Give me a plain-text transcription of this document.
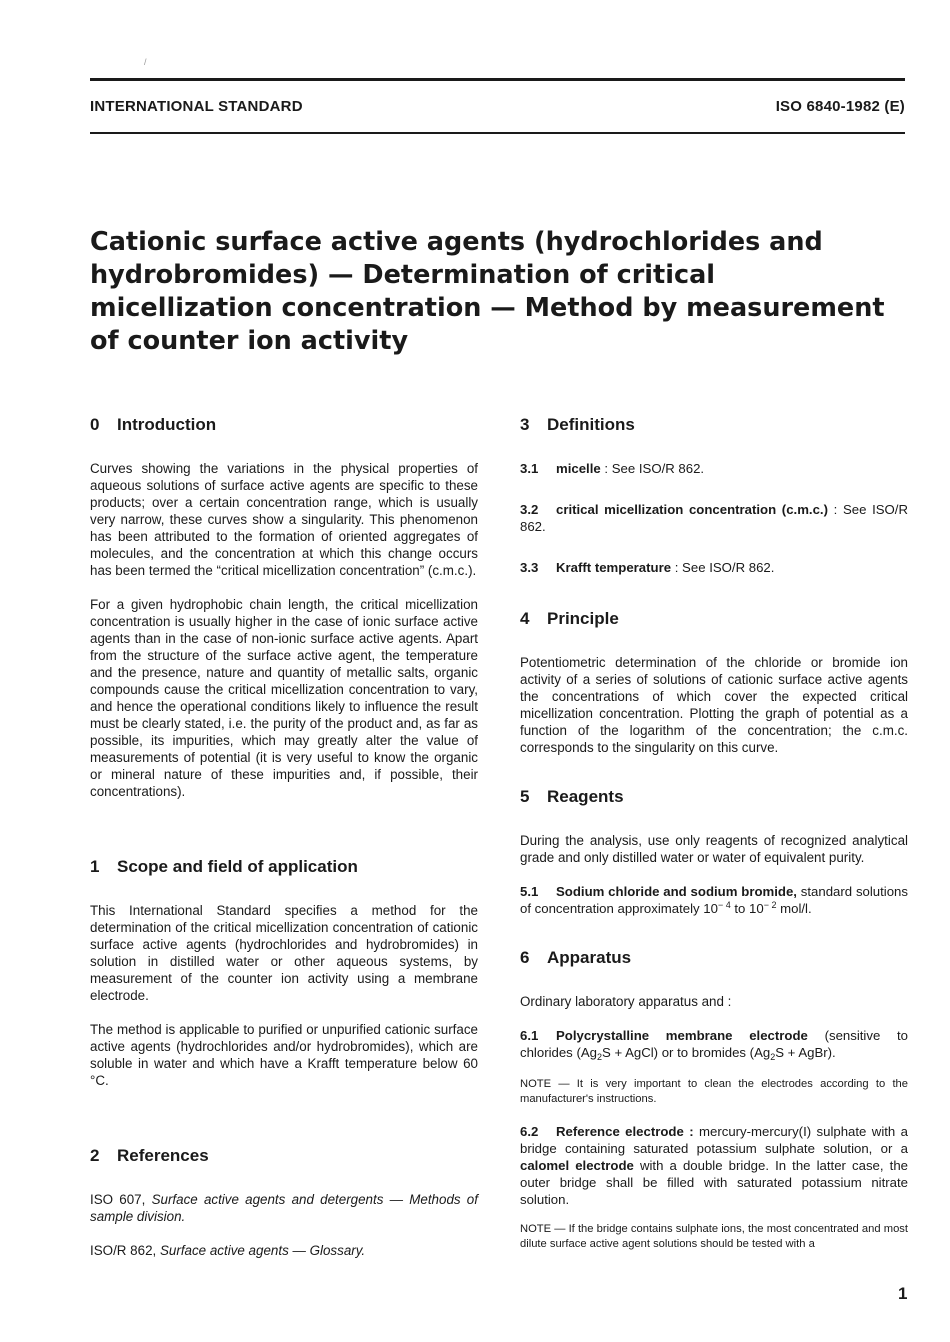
/
INTERNATIONAL STANDARD	ISO 6840-1982 (E)
Cationic surface active agents (hydrochlorides and hydrobromides) — Determination of critical micellization concentration — Method by measurement of counter ion activity
0 Introduction

Curves showing the variations in the physical properties of aqueous solutions of surface active agents are specific to these products; over a certain concentration range, which is usually very narrow, these curves show a singularity. This phenomenon has been attributed to the formation of oriented aggregates of molecules, and the concentration at which this change occurs has been termed the “critical micellization concentration” (c.m.c.).

For a given hydrophobic chain length, the critical micellization concentration is usually higher in the case of ionic surface active agents than in the case of non-ionic surface active agents. Apart from the structure of the surface active agent, the temperature and the presence, nature and quantity of metallic salts, organic compounds cause the critical micellization concentration to vary, and hence the operational conditions likely to influence the result must be clearly stated, i.e. the purity of the product and, as far as possible, its impurities, which may greatly alter the value of measurements of potential (it is very useful to know the organic or mineral nature of these impurities and, if possible, their concentrations).

1 Scope and field of application

This International Standard specifies a method for the determination of the critical micellization concentration of cationic surface active agents (hydrochlorides and hydrobromides) in solution in distilled water or other aqueous systems, by measurement of the counter ion activity using a membrane electrode.

The method is applicable to purified or unpurified cationic surface active agents (hydrochlorides and/or hydrobromides), which are soluble in water and which have a Krafft temperature below 60 °C.

2 References

ISO 607, Surface active agents and detergents — Methods of sample division.

ISO/R 862, Surface active agents — Glossary.

3 Definitions

3.1 micelle : See ISO/R 862.

3.2 critical micellization concentration (c.m.c.) : See ISO/R 862.

3.3 Krafft temperature : See ISO/R 862.

4 Principle

Potentiometric determination of the chloride or bromide ion activity of a series of solutions of cationic surface active agents the concentrations of which cover the expected critical micellization concentration. Plotting the graph of potential as a function of the logarithm of the concentration; the c.m.c. corresponds to the singularity on this curve.

5 Reagents

During the analysis, use only reagents of recognized analytical grade and only distilled water or water of equivalent purity.

5.1 Sodium chloride and sodium bromide, standard solutions of concentration approximately $10^{- 4}$ to $10^{- 2}$ mol/l.

6 Apparatus

Ordinary laboratory apparatus and :

6.1 Polycrystalline membrane electrode (sensitive to chlorides ($Ag_2S$ + AgCl) or to bromides ($Ag_2S$ + AgBr).

NOTE — It is very important to clean the electrodes according to the manufacturer's instructions.

6.2 Reference electrode : mercury-mercury(I) sulphate with a bridge containing saturated potassium sulphate solution, or a calomel electrode with a double bridge. In the latter case, the outer bridge shall be filled with saturated potassium nitrate solution.

NOTE — If the bridge contains sulphate ions, the most concentrated and most dilute surface active agent solutions should be tested with a

1
